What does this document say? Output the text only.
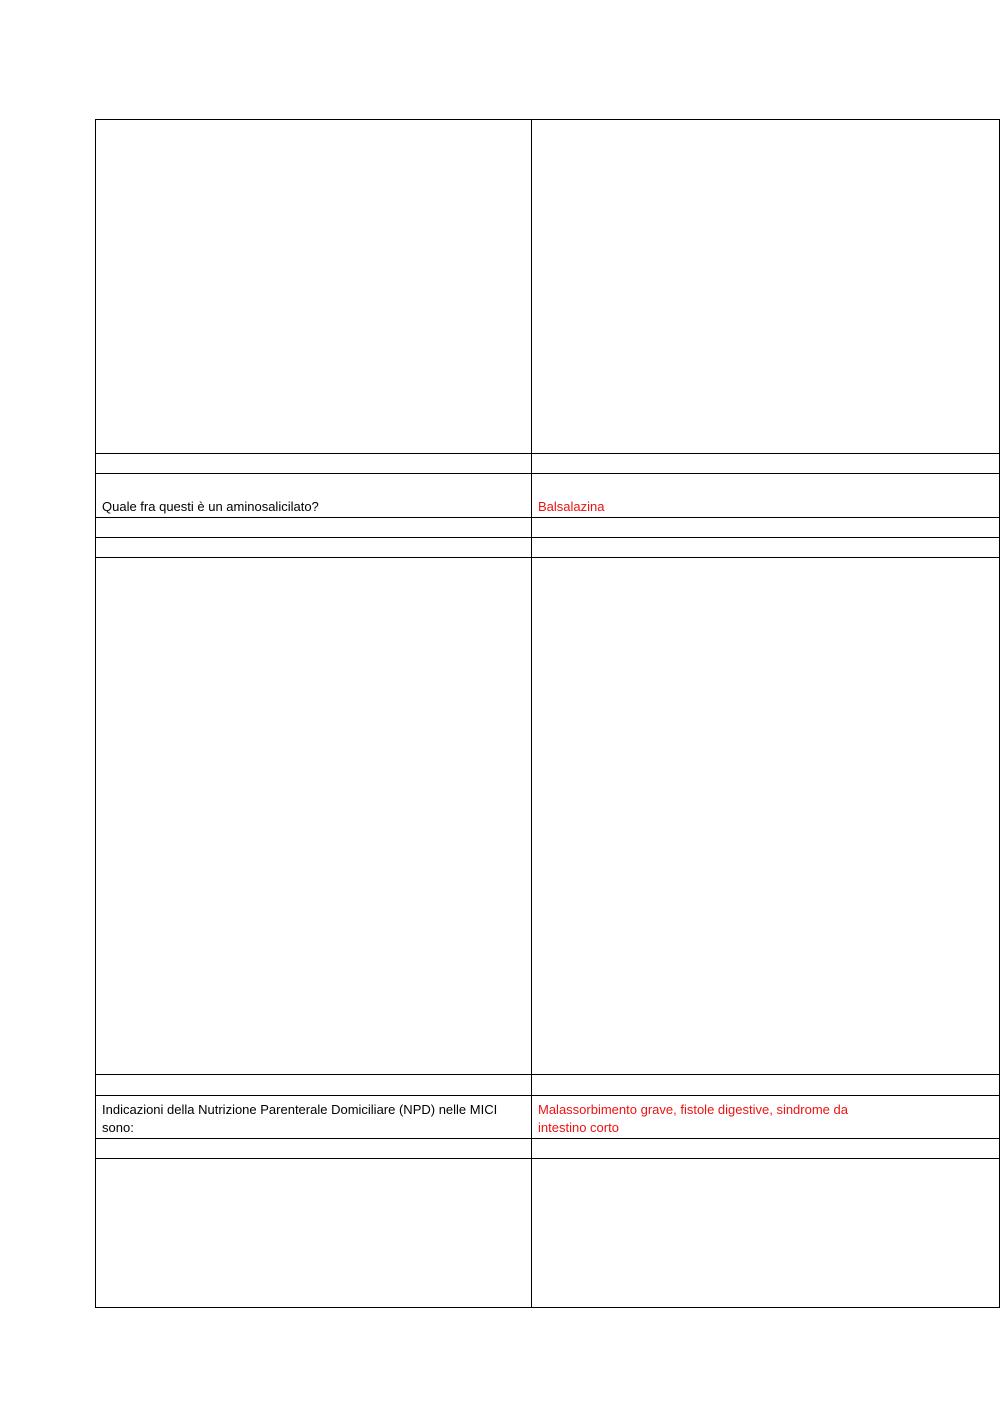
Quale fra questi è un aminosalicilato?	Balsalazina
Indicazioni della Nutrizione Parenterale Domiciliare (NPD) nelle MICI sono:
Malassorbimento grave, fistole digestive, sindrome da intestino corto
